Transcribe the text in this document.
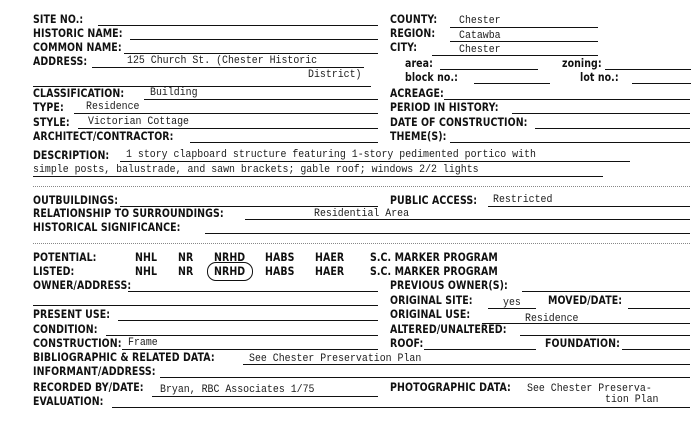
SITE NO.:
HISTORIC NAME:
COMMON NAME:
ADDRESS:	125 Church St. (Chester Historic
District)
CLASSIFICATION: Building
TYPE: Residence
STYLE: Victorian Cottage
ARCHITECT/CONTRACTOR:
COUNTY: Chester
REGION: Catawba
CITY:	Chester
area:	zoning:
block no.:	lot no.:
ACREAGE:
PERIOD IN HISTORY:
DATE OF CONSTRUCTION:
THEME(S):
DESCRIPTION: 1 story clapboard structure featuring 1-story pedimented portico with
simple posts, balustrade, and sawn brackets; gable roof; windows 2/2 lights
OUTBUILDINGS:	PUBLIC ACCESS: Restricted
RELATIONSHIP TO SURROUNDINGS:	Residential Area
HISTORICAL SIGNIFICANCE:
POTENTIAL:	NHL NR NRHD HABS HAER S.C. MARKER PROGRAM
LISTED:	NHL NR NRHD HABS HAER S.C. MARKER PROGRAM
OWNER/ADDRESS:	PREVIOUS OWNER(S):
ORIGINAL SITE:	yes MOVED/DATE:
PRESENT USE:	ORIGINAL USE:	Residence
CONDITION:	ALTERED/UNALTERED:
CONSTRUCTION: Frame	ROOF:	FOUNDATION:
BIBLIOGRAPHIC & RELATED DATA:	See Chester Preservation Plan
INFORMANT/ADDRESS:
RECORDED BY/DATE: Bryan, RBC Associates 1/75
EVALUATION:
PHOTOGRAPHIC DATA: See Chester Preserva-
tion Plan
